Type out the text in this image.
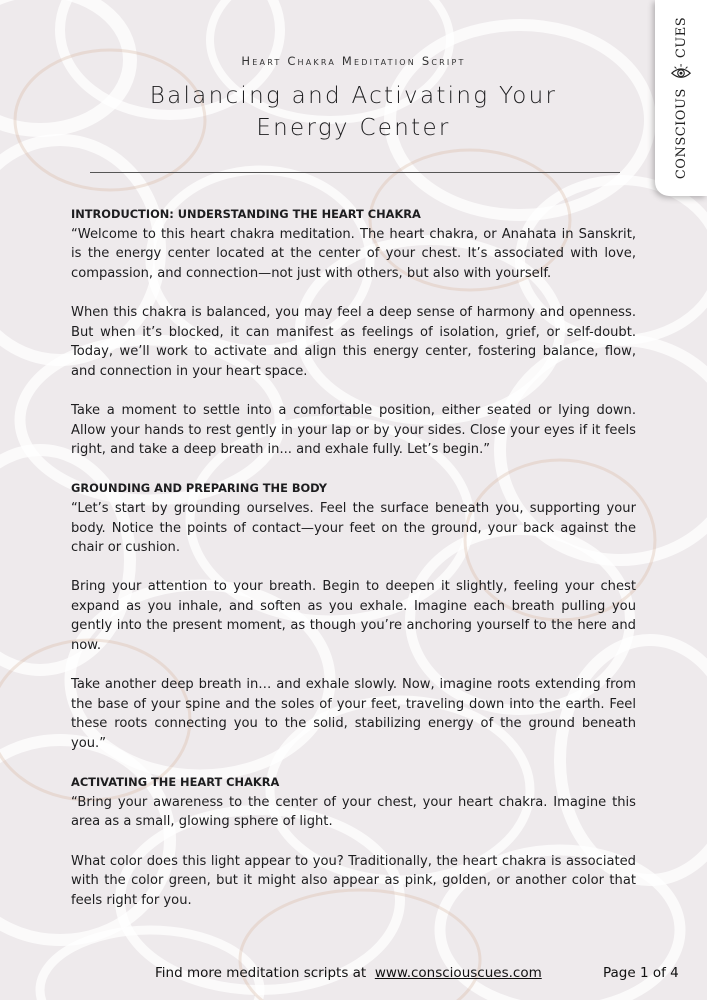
CONSCIOUS
CUES
Heart Chakra Meditation Script
Balancing and Activating Your
Energy Center
INTRODUCTION: UNDERSTANDING THE HEART CHAKRA

“Welcome to this heart chakra meditation. The heart chakra, or Anahata in Sanskrit, is the energy center located at the center of your chest. It’s associated with love, compassion, and connection—not just with others, but also with yourself.

When this chakra is balanced, you may feel a deep sense of harmony and openness. But when it’s blocked, it can manifest as feelings of isolation, grief, or self-doubt. Today, we’ll work to activate and align this energy center, fostering balance, flow, and connection in your heart space.

Take a moment to settle into a comfortable position, either seated or lying down. Allow your hands to rest gently in your lap or by your sides. Close your eyes if it feels right, and take a deep breath in... and exhale fully. Let’s begin.”

GROUNDING AND PREPARING THE BODY

“Let’s start by grounding ourselves. Feel the surface beneath you, supporting your body. Notice the points of contact—your feet on the ground, your back against the chair or cushion.

Bring your attention to your breath. Begin to deepen it slightly, feeling your chest expand as you inhale, and soften as you exhale. Imagine each breath pulling you gently into the present moment, as though you’re anchoring yourself to the here and now.

Take another deep breath in… and exhale slowly. Now, imagine roots extending from the base of your spine and the soles of your feet, traveling down into the earth. Feel these roots connecting you to the solid, stabilizing energy of the ground beneath you.”

ACTIVATING THE HEART CHAKRA

“Bring your awareness to the center of your chest, your heart chakra. Imagine this area as a small, glowing sphere of light.

What color does this light appear to you? Traditionally, the heart chakra is associated with the color green, but it might also appear as pink, golden, or another color that feels right for you.

Find more meditation scripts at www.consciouscues.com	Page 1 of 4
